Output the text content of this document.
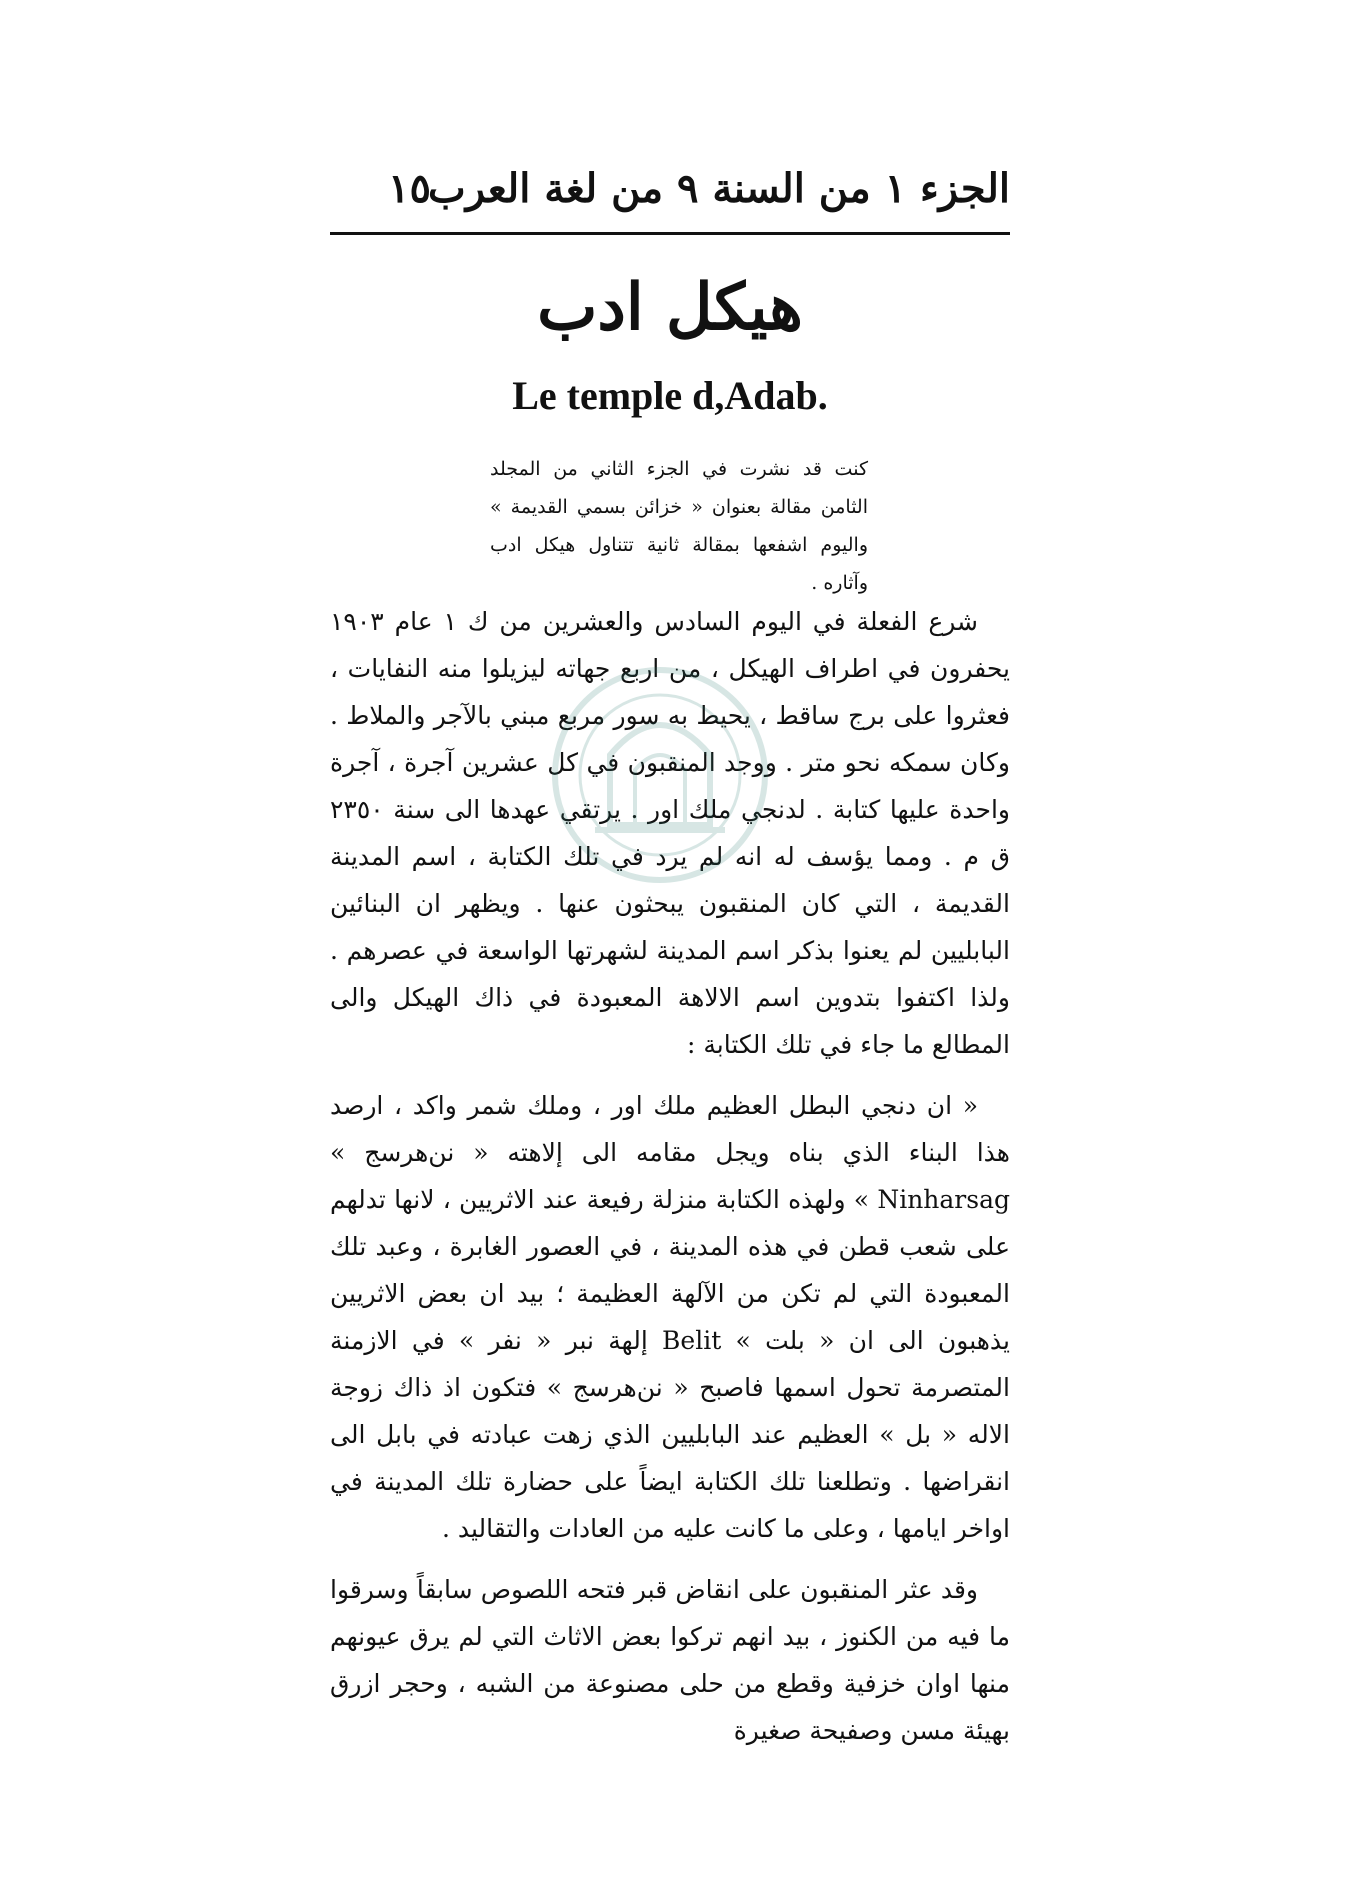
الجزء ١ من السنة ٩ من لغة العرب
١٥
هيكل ادب
Le temple d,Adab.
كنت قد نشرت في الجزء الثاني من المجلد الثامن مقالة بعنوان « خزائن بسمي القديمة » واليوم اشفعها بمقالة ثانية تتناول هيكل ادب وآثاره .

شرع الفعلة في اليوم السادس والعشرين من ك ١ عام ١٩٠٣ يحفرون في اطراف الهيكل ، من اربع جهاته ليزيلوا منه النفايات ، فعثروا على برج ساقط ، يحيط به سور مربع مبني بالآجر والملاط . وكان سمكه نحو متر . ووجد المنقبون في كل عشرين آجرة ، آجرة واحدة عليها كتابة . لدنجي ملك اور . يرتقي عهدها الى سنة ٢٣٥٠ ق م . ومما يؤسف له انه لم يرد في تلك الكتابة ، اسم المدينة القديمة ، التي كان المنقبون يبحثون عنها . ويظهر ان البنائين البابليين لم يعنوا بذكر اسم المدينة لشهرتها الواسعة في عصرهم . ولذا اكتفوا بتدوين اسم الالاهة المعبودة في ذاك الهيكل والى المطالع ما جاء في تلك الكتابة :

« ان دنجي البطل العظيم ملك اور ، وملك شمر واكد ، ارصد هذا البناء الذي بناه ويجل مقامه الى إلاهته « نن‌هرسج » Ninharsag » ولهذه الكتابة منزلة رفيعة عند الاثريين ، لانها تدلهم على شعب قطن في هذه المدينة ، في العصور الغابرة ، وعبد تلك المعبودة التي لم تكن من الآلهة العظيمة ؛ بيد ان بعض الاثريين يذهبون الى ان « بلت » Belit إلهة نبر « نفر » في الازمنة المتصرمة تحول اسمها فاصبح « نن‌هرسج » فتكون اذ ذاك زوجة الاله « بل » العظيم عند البابليين الذي زهت عبادته في بابل الى انقراضها . وتطلعنا تلك الكتابة ايضاً على حضارة تلك المدينة في اواخر ايامها ، وعلى ما كانت عليه من العادات والتقاليد .

وقد عثر المنقبون على انقاض قبر فتحه اللصوص سابقاً وسرقوا ما فيه من الكنوز ، بيد انهم تركوا بعض الاثاث التي لم يرق عيونهم منها اوان خزفية وقطع من حلى مصنوعة من الشبه ، وحجر ازرق بهيئة مسن وصفيحة صغيرة
